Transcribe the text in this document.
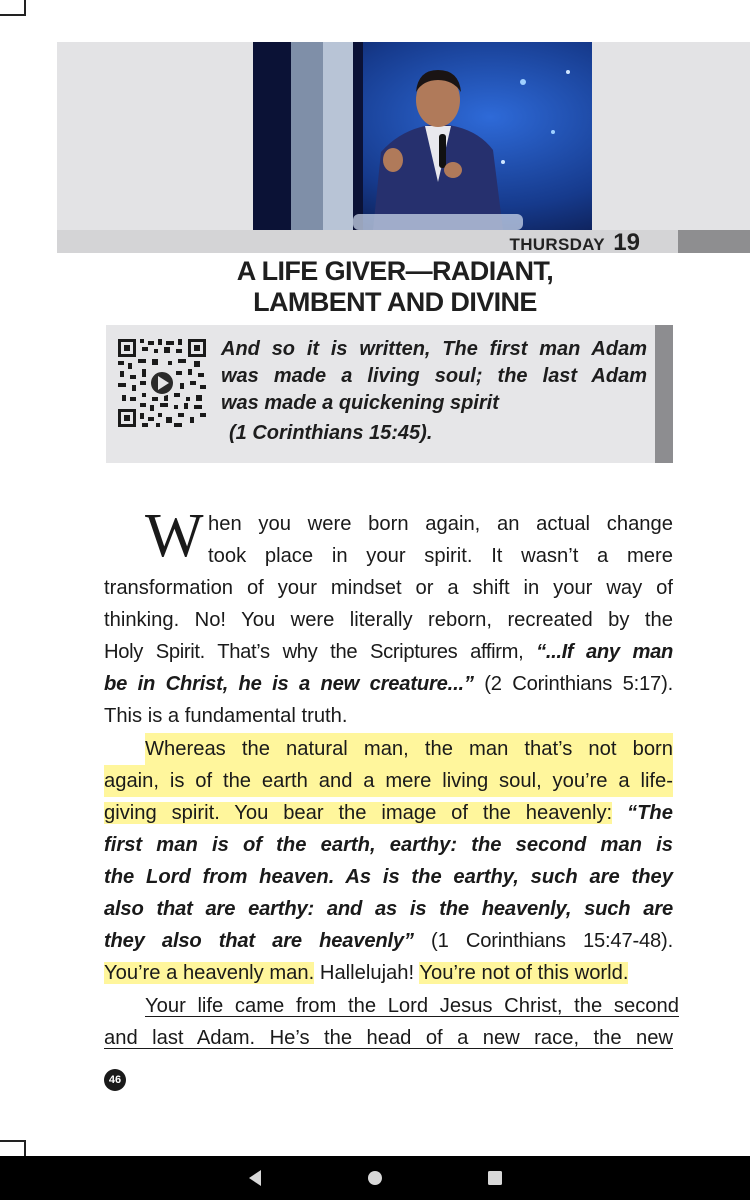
THURSDAY 19
A LIFE GIVER—RADIANT,
LAMBENT AND DIVINE
And so it is written, The first man Adam
was made a living soul; the last Adam
was made a quickening spirit
(1 Corinthians 15:45).
W hen you were born again, an actual change
took place in your spirit. It wasn’t a mere
transformation of your mindset or a shift in your way of
thinking. No! You were literally reborn, recreated by the
Holy Spirit. That’s why the Scriptures affirm, “...If any man
be in Christ, he is a new creature...” (2 Corinthians 5:17).
This is a fundamental truth.
Whereas the natural man, the man that’s not born
again, is of the earth and a mere living soul, you’re a life-
giving spirit. You bear the image of the heavenly: “The
first man is of the earth, earthy: the second man is
the Lord from heaven. As is the earthy, such are they
also that are earthy: and as is the heavenly, such are
they also that are heavenly” (1 Corinthians 15:47-48).
You’re a heavenly man. Hallelujah! You’re not of this world.
Your life came from the Lord Jesus Christ, the second
and last Adam. He’s the head of a new race, the new
46
